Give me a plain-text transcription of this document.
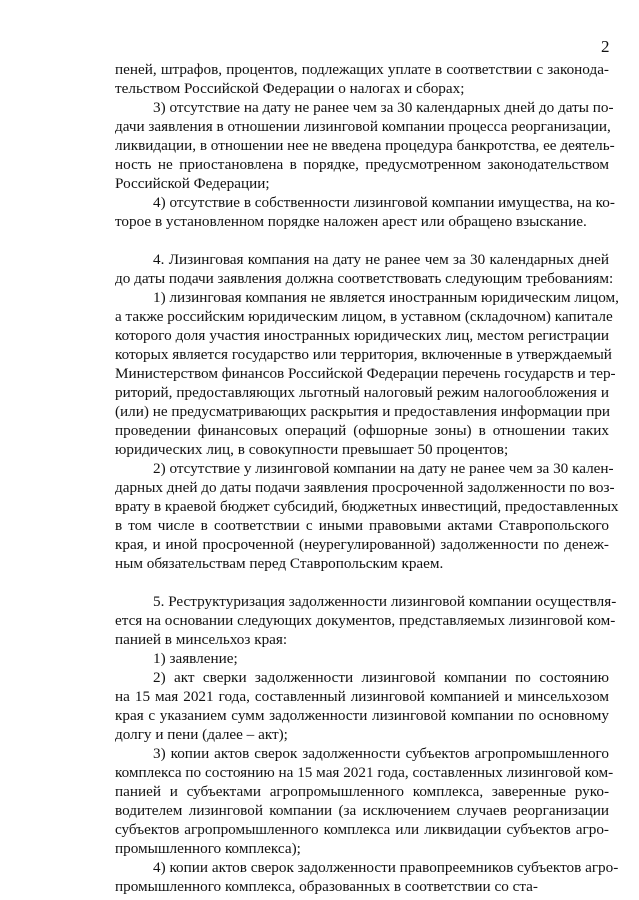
2
пеней, штрафов, процентов, подлежащих уплате в соответствии с законода-
тельством Российской Федерации о налогах и сборах;
3) отсутствие на дату не ранее чем за 30 календарных дней до даты по-
дачи заявления в отношении лизинговой компании процесса реорганизации,
ликвидации, в отношении нее не введена процедура банкротства, ее деятель-
ность не приостановлена в порядке, предусмотренном законодательством
Российской Федерации;
4) отсутствие в собственности лизинговой компании имущества, на ко-
торое в установленном порядке наложен арест или обращено взыскание.
4. Лизинговая компания на дату не ранее чем за 30 календарных дней
до даты подачи заявления должна соответствовать следующим требованиям:
1) лизинговая компания не является иностранным юридическим лицом,
а также российским юридическим лицом, в уставном (складочном) капитале
которого доля участия иностранных юридических лиц, местом регистрации
которых является государство или территория, включенные в утверждаемый
Министерством финансов Российской Федерации перечень государств и тер-
риторий, предоставляющих льготный налоговый режим налогообложения и
(или) не предусматривающих раскрытия и предоставления информации при
проведении финансовых операций (офшорные зоны) в отношении таких
юридических лиц, в совокупности превышает 50 процентов;
2) отсутствие у лизинговой компании на дату не ранее чем за 30 кален-
дарных дней до даты подачи заявления просроченной задолженности по воз-
врату в краевой бюджет субсидий, бюджетных инвестиций, предоставленных
в том числе в соответствии с иными правовыми актами Ставропольского
края, и иной просроченной (неурегулированной) задолженности по денеж-
ным обязательствам перед Ставропольским краем.
5. Реструктуризация задолженности лизинговой компании осуществля-
ется на основании следующих документов, представляемых лизинговой ком-
панией в минсельхоз края:
1) заявление;
2) акт сверки задолженности лизинговой компании по состоянию
на 15 мая 2021 года, составленный лизинговой компанией и минсельхозом
края с указанием сумм задолженности лизинговой компании по основному
долгу и пени (далее – акт);
3) копии актов сверок задолженности субъектов агропромышленного
комплекса по состоянию на 15 мая 2021 года, составленных лизинговой ком-
панией и субъектами агропромышленного комплекса, заверенные руко-
водителем лизинговой компании (за исключением случаев реорганизации
субъектов агропромышленного комплекса или ликвидации субъектов агро-
промышленного комплекса);
4) копии актов сверок задолженности правопреемников субъектов агро-
промышленного комплекса, образованных в соответствии со ста-
